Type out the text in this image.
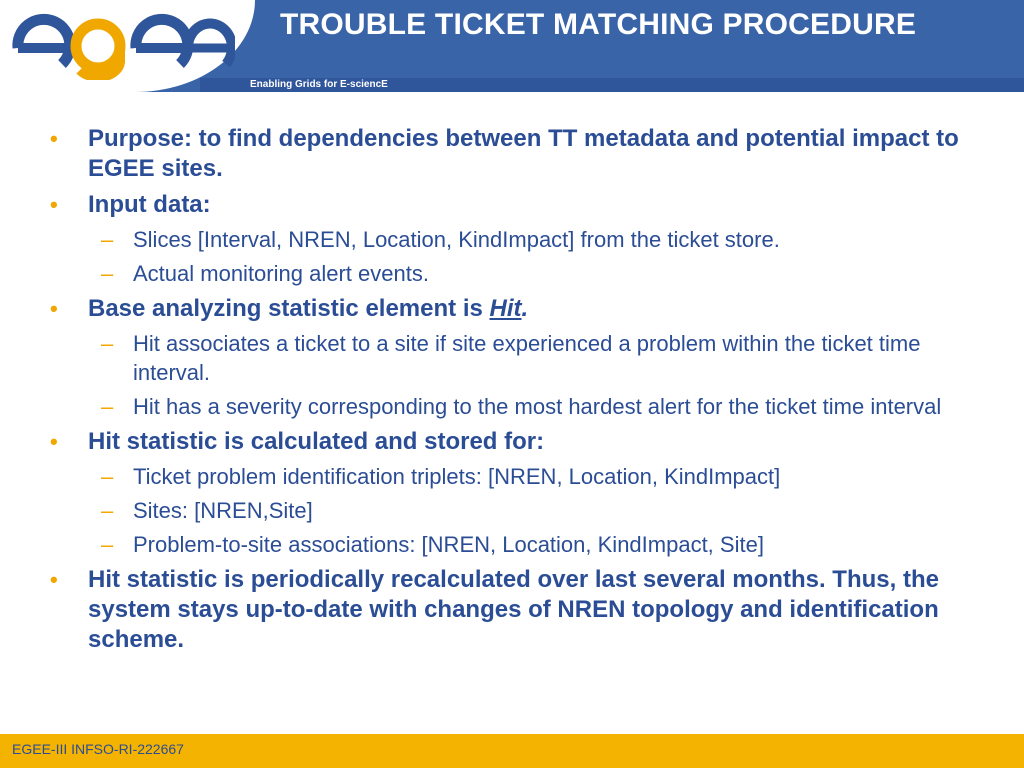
TROUBLE TICKET MATCHING PROCEDURE
Enabling Grids for E-sciencE
• Purpose: to find dependencies between TT metadata and potential impact to EGEE sites.
• Input data:
– Slices [Interval, NREN, Location, KindImpact] from the ticket store.
– Actual monitoring alert events.
• Base analyzing statistic element is Hit.
– Hit associates a ticket to a site if site experienced a problem within the ticket time interval.
– Hit has a severity corresponding to the most hardest alert for the ticket time interval
• Hit statistic is calculated and stored for:
– Ticket problem identification triplets: [NREN, Location, KindImpact]
– Sites: [NREN,Site]
– Problem-to-site associations: [NREN, Location, KindImpact, Site]
• Hit statistic is periodically recalculated over last several months. Thus, the system stays up-to-date with changes of NREN topology and identification scheme.
EGEE-III INFSO-RI-222667
